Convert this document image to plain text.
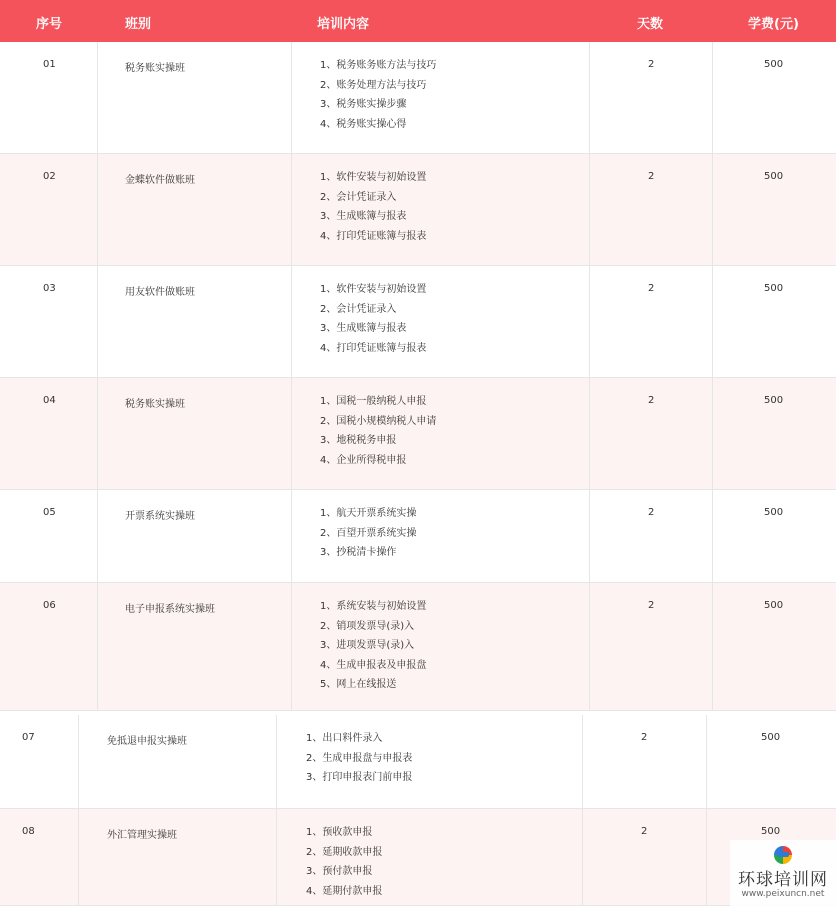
序号	班别	培训内容	天数	学费(元)
01	税务账实操班	1、税务账务账方法与技巧
2、账务处理方法与技巧
3、税务账实操步骤
4、税务账实操心得
2	500
02	金蝶软件做账班	1、软件安装与初始设置
2、会计凭证录入
3、生成账簿与报表
4、打印凭证账簿与报表
2	500
03	用友软件做账班	1、软件安装与初始设置
2、会计凭证录入
3、生成账簿与报表
4、打印凭证账簿与报表
2	500
04	税务账实操班	1、国税一般纳税人申报
2、国税小规模纳税人申请
3、地税税务申报
4、企业所得税申报
2	500
05	开票系统实操班	1、航天开票系统实操
2、百望开票系统实操
3、抄税清卡操作
2	500
06	电子申报系统实操班	1、系统安装与初始设置
2、销项发票导(录)入
3、进项发票导(录)入
4、生成申报表及申报盘
5、网上在线报送
2	500
07	免抵退申报实操班	1、出口料件录入
2、生成申报盘与申报表
3、打印申报表门前申报
2	500
08	外汇管理实操班	1、预收款申报
2、延期收款申报
3、预付款申报
4、延期付款申报
2	500
环球培训网
www.peixuncn.net
